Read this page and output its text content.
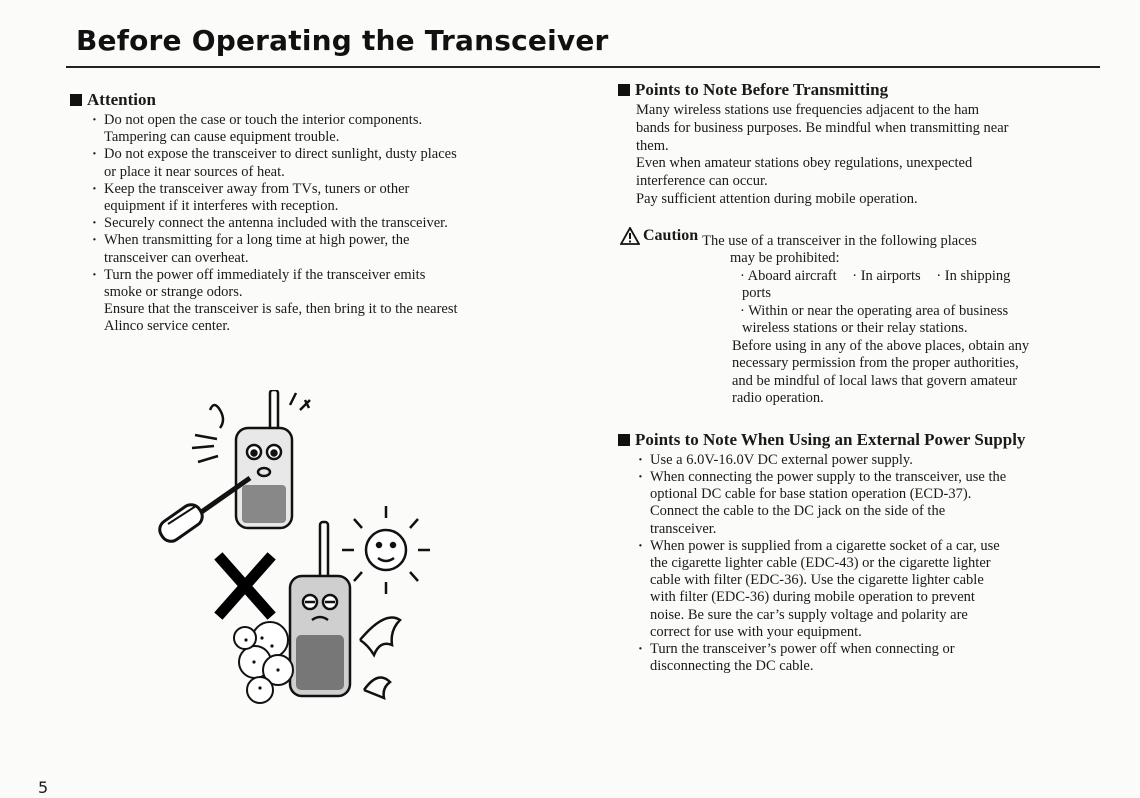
Before Operating the Transceiver
Attention
· Do not open the case or touch the interior components.
Tampering can cause equipment trouble.
· Do not expose the transceiver to direct sunlight, dusty places
or place it near sources of heat.
· Keep the transceiver away from TVs, tuners or other
equipment if it interferes with reception.
· Securely connect the antenna included with the transceiver.
· When transmitting for a long time at high power, the
transceiver can overheat.
· Turn the power off immediately if the transceiver emits
smoke or strange odors.
Ensure that the transceiver is safe, then bring it to the nearest
Alinco service center.
Points to Note Before Transmitting

Many wireless stations use frequencies adjacent to the ham

bands for business purposes. Be mindful when transmitting near

them.

Even when amateur stations obey regulations, unexpected

interference can occur.

Pay sufficient attention during mobile operation.

Caution The use of a transceiver in the following places
may be prohibited:
· Aboard aircraft · In airports · In shipping
ports
· Within or near the operating area of business
wireless stations or their relay stations.
Before using in any of the above places, obtain any
necessary permission from the proper authorities,
and be mindful of local laws that govern amateur
radio operation.
Points to Note When Using an External Power Supply
· Use a 6.0V-16.0V DC external power supply.
· When connecting the power supply to the transceiver, use the
optional DC cable for base station operation (ECD-37).
Connect the cable to the DC jack on the side of the
transceiver.
· When power is supplied from a cigarette socket of a car, use
the cigarette lighter cable (EDC-43) or the cigarette lighter
cable with filter (EDC-36). Use the cigarette lighter cable
with filter (EDC-36) during mobile operation to prevent
noise. Be sure the car’s supply voltage and polarity are
correct for use with your equipment.
· Turn the transceiver’s power off when connecting or
disconnecting the DC cable.
5
